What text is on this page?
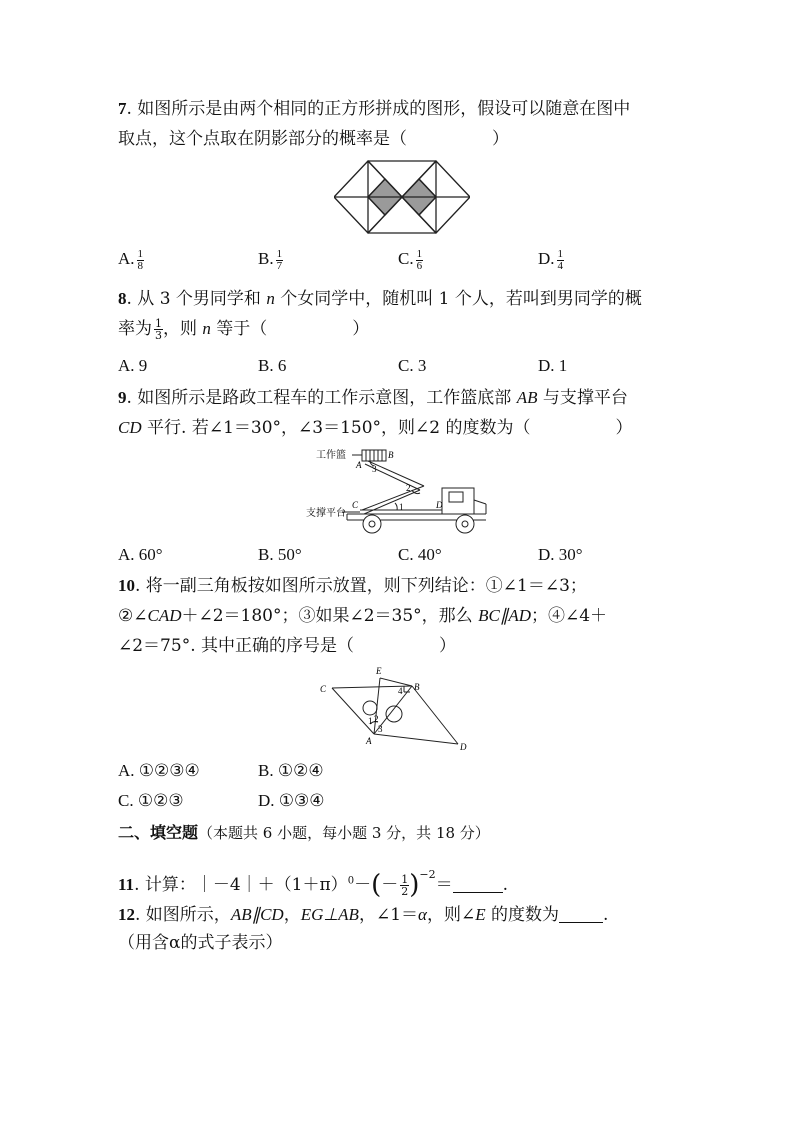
7. 如图所示是由两个相同的正方形拼成的图形，假设可以随意在图中
取点，这个点取在阴影部分的概率是（　　　　　）
A. $\frac{1}{8}$	B. $\frac{1}{7}$	C. $\frac{1}{6}$	D. $\frac{1}{4}$
8. 从 3 个男同学和 n 个女同学中，随机叫 1 个人，若叫到男同学的概
率为 $\frac{1}{3}$ ，则 n 等于（　　　　　）
A. 9	B. 6	C. 3	D. 1
9. 如图所示是路政工程车的工作示意图，工作篮底部 AB 与支撑平台
CD 平行. 若∠1＝30°，∠3＝150°，则∠2 的度数为（　　　　　）
工作篮
支撑平台
A
B
C	D
1
2
3
A. 60°	B. 50°	C. 40°	D. 30°
10. 将一副三角板按如图所示放置，则下列结论：①∠1＝∠3；
②∠CAD＋∠2＝180°；③如果∠2＝35°，那么 BC∥AD；④∠4＋
∠2＝75°. 其中正确的序号是（　　　　　）
C
E
B
A
D
1 2
3
4
A. ①②③④	B. ①②④
C. ①②③	D. ①③④
二、填空题（本题共 6 小题，每小题 3 分，共 18 分）
11. 计算：$|-4|+(1+\pi)^0-(- \frac{1}{2} )^{-2}=$	.
12. 如图所示，AB∥CD，EG⊥AB，∠1＝α，则∠E 的度数为	.
（用含α的式子表示）
